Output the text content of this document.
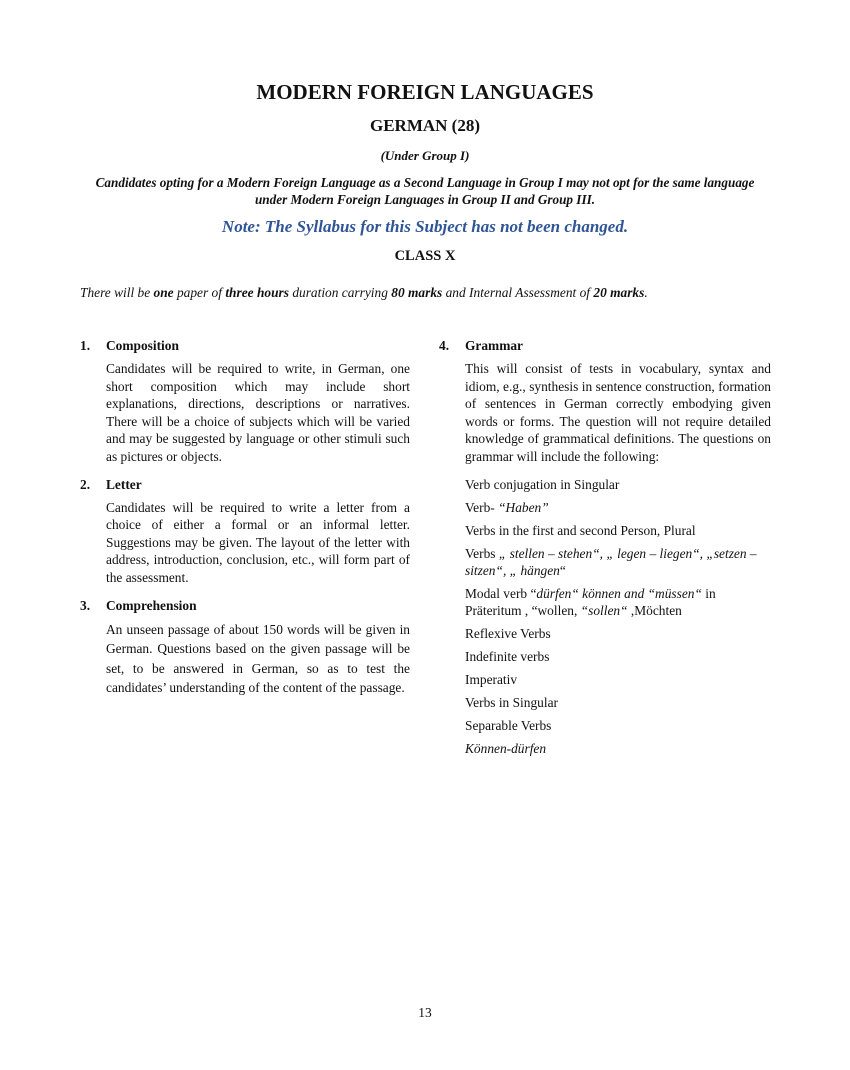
MODERN FOREIGN LANGUAGES
GERMAN (28)
(Under Group I)
Candidates opting for a Modern Foreign Language as a Second Language in Group I may not opt for the same language under Modern Foreign Languages in Group II and Group III.
Note: The Syllabus for this Subject has not been changed.
CLASS X
There will be one paper of three hours duration carrying 80 marks and Internal Assessment of 20 marks.
1.	Composition
Candidates will be required to write, in German, one short composition which may include short explanations, directions, descriptions or narratives. There will be a choice of subjects which will be varied and may be suggested by language or other stimuli such as pictures or objects.
2.	Letter
Candidates will be required to write a letter from a choice of either a formal or an informal letter. Suggestions may be given. The layout of the letter with address, introduction, conclusion, etc., will form part of the assessment.
3.	Comprehension
An unseen passage of about 150 words will be given in German. Questions based on the given passage will be set, to be answered in German, so as to test the candidates’ understanding of the content of the passage.
4.	Grammar
This will consist of tests in vocabulary, syntax and idiom, e.g., synthesis in sentence construction, formation of sentences in German correctly embodying given words or forms. The question will not require detailed knowledge of grammatical definitions. The questions on grammar will include the following:
Verb conjugation in Singular
Verb- “Haben”
Verbs in the first and second Person, Plural
Verbs „ stellen – stehen“, „ legen – liegen“, „setzen – sitzen“, „ hängen“
Modal verb “dürfen“ können and “müssen“ in Präteritum , “wollen, “sollen“ ,Möchten
Reflexive Verbs
Indefinite verbs
Imperativ
Verbs in Singular
Separable Verbs
Können-dürfen
13
